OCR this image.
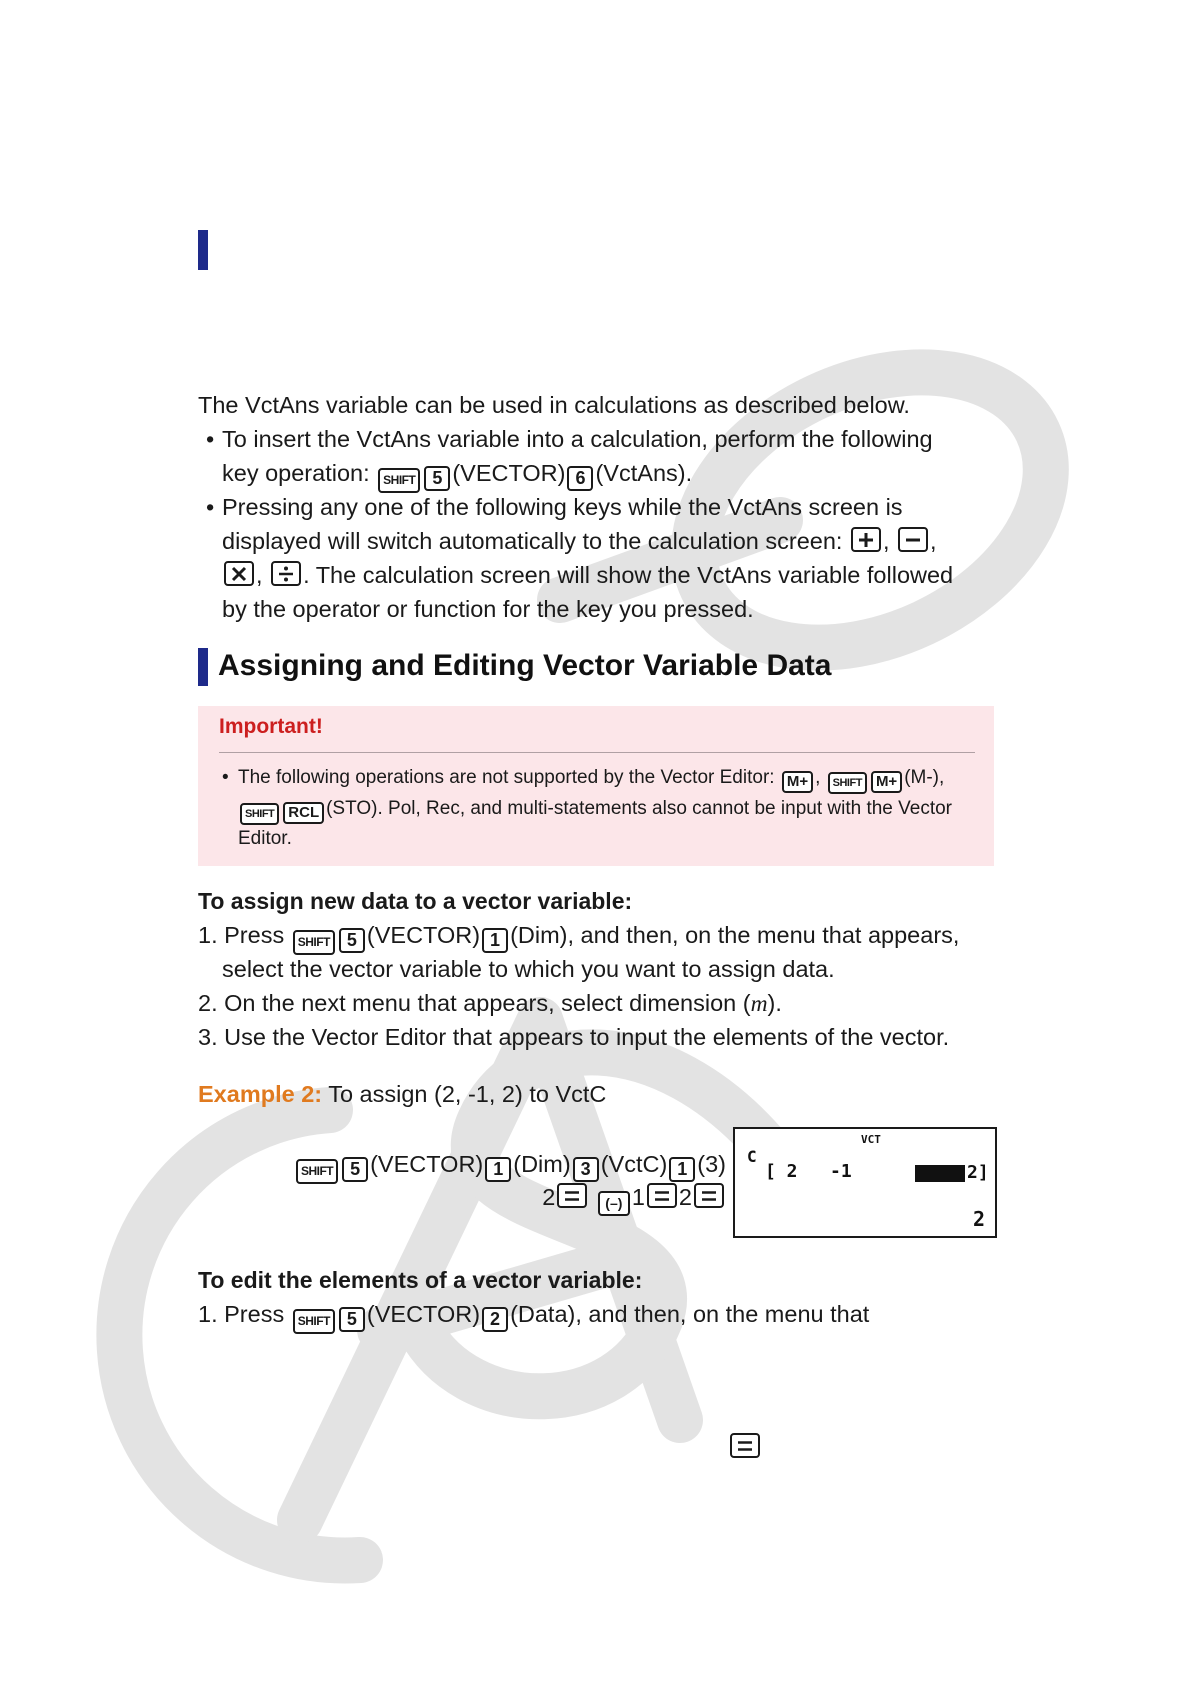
The VctAns variable can be used in calculations as described below.
• To insert the VctAns variable into a calculation, perform the following
key operation: SHIFT 5 (VECTOR) 6 (VctAns).
• Pressing any one of the following keys while the VctAns screen is
displayed will switch automatically to the calculation screen: ,
,
,
. The calculation screen will show the VctAns variable followed
by the operator or function for the key you pressed.
Assigning and Editing Vector Variable Data
Important!
• The following operations are not supported by the Vector Editor: M+ , SHIFT M+ (M-),
SHIFT RCL (STO). Pol, Rec, and multi-statements also cannot be input with the Vector
Editor.
To assign new data to a vector variable:
1. Press SHIFT 5 (VECTOR) 1 (Dim), and then, on the menu that appears,
select the vector variable to which you want to assign data.
2. On the next menu that appears, select dimension (m).
3. Use the Vector Editor that appears to input the elements of the vector.
Example 2: To assign (2, -1, 2) to VctC
SHIFT 5 (VECTOR) 1 (Dim) 3 (VctC) 1 (3)
2	(–) 1 2
C
VCT
[ 2   -1	2]
2
To edit the elements of a vector variable:
1. Press SHIFT 5 (VECTOR) 2 (Data), and then, on the menu that
